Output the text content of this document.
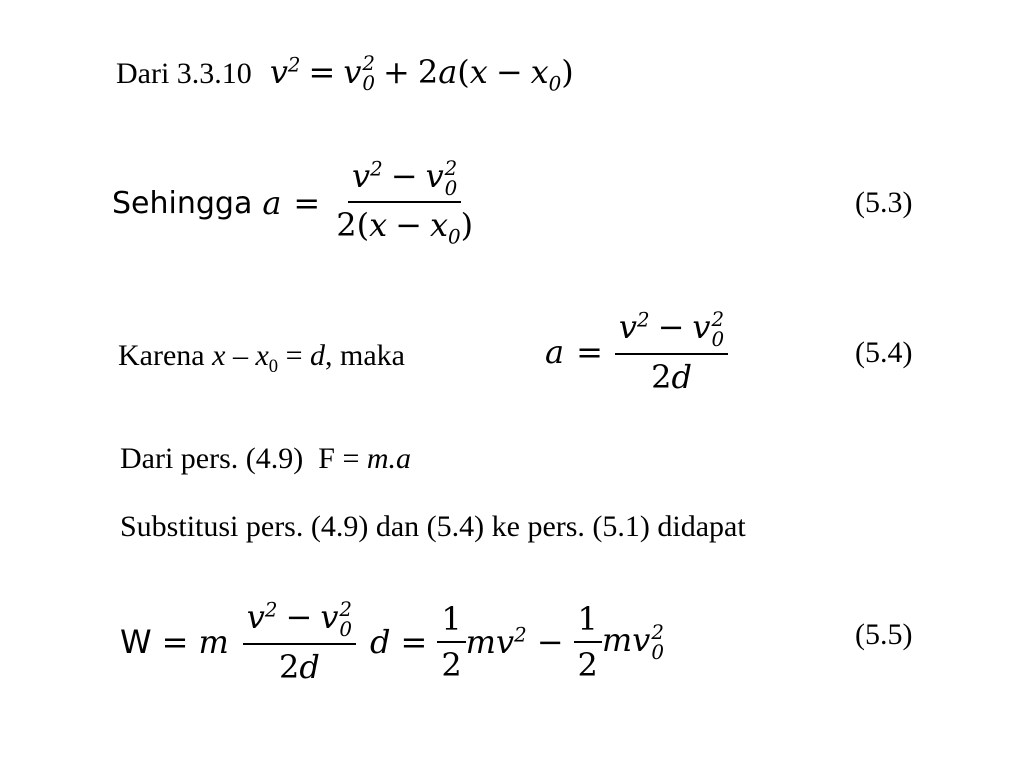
Dari 3.3.10 $v^2 = v$ 2
$0 + 2a(x - x_0)$
Sehingga $a = v^2 - v$ 2
0
$2(x - x_0)$	(5.3)
Karena $x - x_0 = d$, maka	$a = v^2 - v$ 2
0
2d	(5.4)
Dari pers. (4.9)  F = m.a
Substitusi pers. (4.9) dan (5.4) ke pers. (5.1) didapat
W = m $v^2 - v$ 2
0
2d $d = \frac{1}{2} mv^2 - \frac{1}{2}$ mv 2
0
(5.5)
